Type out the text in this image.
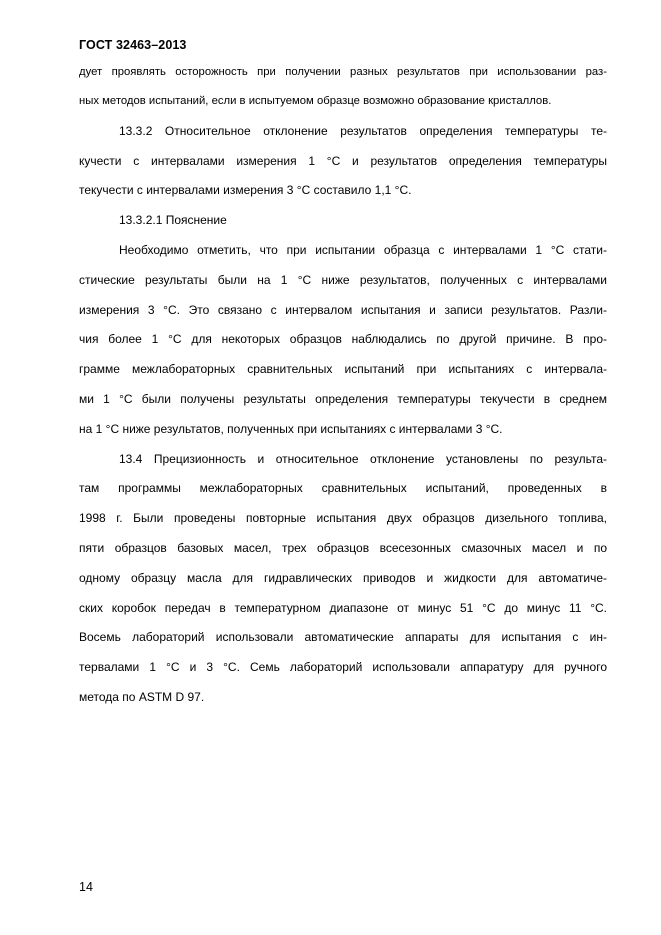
ГОСТ 32463–2013
дует проявлять осторожность при получении разных результатов при использовании раз-
ных методов испытаний, если в испытуемом образце возможно образование кристаллов.
13.3.2 Относительное отклонение результатов определения температуры те-
кучести с интервалами измерения 1 °С и результатов определения температуры
текучести с интервалами измерения 3 °С составило 1,1 °С.
13.3.2.1 Пояснение
Необходимо отметить, что при испытании образца с интервалами 1 °С стати-
стические результаты были на 1 °С ниже результатов, полученных с интервалами
измерения 3 °С. Это связано с интервалом испытания и записи результатов. Разли-
чия более 1 °С для некоторых образцов наблюдались по другой причине. В про-
грамме межлабораторных сравнительных испытаний при испытаниях с интервала-
ми 1 °С были получены результаты определения температуры текучести в среднем
на 1 °С ниже результатов, полученных при испытаниях с интервалами 3 °С.
13.4 Прецизионность и относительное отклонение установлены по результа-
там программы межлабораторных сравнительных испытаний, проведенных в
1998 г. Были проведены повторные испытания двух образцов дизельного топлива,
пяти образцов базовых масел, трех образцов всесезонных смазочных масел и по
одному образцу масла для гидравлических приводов и жидкости для автоматиче-
ских коробок передач в температурном диапазоне от минус 51 °С до минус 11 °С.
Восемь лабораторий использовали автоматические аппараты для испытания с ин-
тервалами 1 °С и 3 °С. Семь лабораторий использовали аппаратуру для ручного
метода по ASTM D 97.
14
